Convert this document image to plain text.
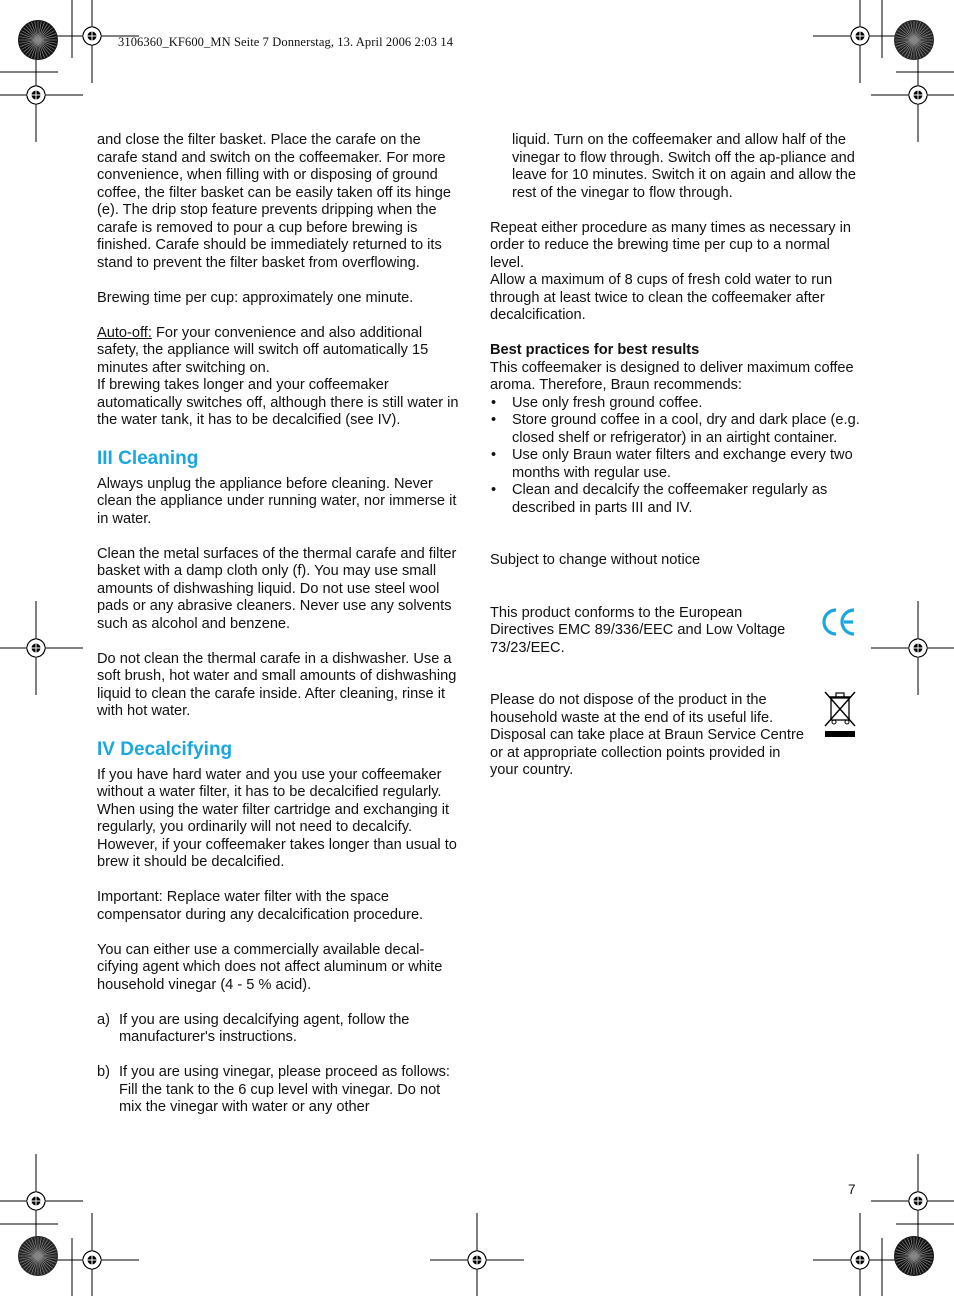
3106360_KF600_MN Seite 7 Donnerstag, 13. April 2006 2:03 14

and close the filter basket. Place the carafe on the carafe stand and switch on the coffeemaker. For more convenience, when filling with or disposing of ground coffee, the filter basket can be easily taken off its hinge (e). The drip stop feature prevents dripping when the carafe is removed to pour a cup before brewing is finished. Carafe should be immediately returned to its stand to prevent the filter basket from overflowing.

Brewing time per cup: approximately one minute.

Auto-off: For your convenience and also additional safety, the appliance will switch off automatically 15 minutes after switching on.

If brewing takes longer and your coffeemaker automatically switches off, although there is still water in the water tank, it has to be decalcified (see IV).

III Cleaning

Always unplug the appliance before cleaning. Never clean the appliance under running water, nor immerse it in water.

Clean the metal surfaces of the thermal carafe and filter basket with a damp cloth only (f). You may use small amounts of dishwashing liquid. Do not use steel wool pads or any abrasive cleaners. Never use any solvents such as alcohol and benzene.

Do not clean the thermal carafe in a dishwasher. Use a soft brush, hot water and small amounts of dishwashing liquid to clean the carafe inside. After cleaning, rinse it with hot water.

IV Decalcifying

If you have hard water and you use your coffeemaker without a water filter, it has to be decalcified regularly. When using the water filter cartridge and exchanging it regularly, you ordinarily will not need to decalcify. However, if your coffeemaker takes longer than usual to brew it should be decalcified.

Important: Replace water filter with the space compensator during any decalcification procedure.

You can either use a commercially available decal-cifying agent which does not affect aluminum or white household vinegar (4 - 5 % acid).

a) If you are using decalcifying agent, follow the manufacturer's instructions.

b) If you are using vinegar, please proceed as follows: Fill the tank to the 6 cup level with vinegar. Do not mix the vinegar with water or any other

liquid. Turn on the coffeemaker and allow half of the vinegar to flow through. Switch off the ap-pliance and leave for 10 minutes. Switch it on again and allow the rest of the vinegar to flow through.

Repeat either procedure as many times as necessary in order to reduce the brewing time per cup to a normal level.

Allow a maximum of 8 cups of fresh cold water to run through at least twice to clean the coffeemaker after decalcification.

Best practices for best results

This coffeemaker is designed to deliver maximum coffee aroma. Therefore, Braun recommends:

• Use only fresh ground coffee.
• Store ground coffee in a cool, dry and dark place (e.g. closed shelf or refrigerator) in an airtight container.
• Use only Braun water filters and exchange every two months with regular use.
• Clean and decalcify the coffeemaker regularly as described in parts III and IV.

Subject to change without notice

This product conforms to the European Directives EMC 89/336/EEC and Low Voltage 73/23/EEC.
Please do not dispose of the product in the household waste at the end of its useful life. Disposal can take place at Braun Service Centre or at appropriate collection points provided in your country.
7
